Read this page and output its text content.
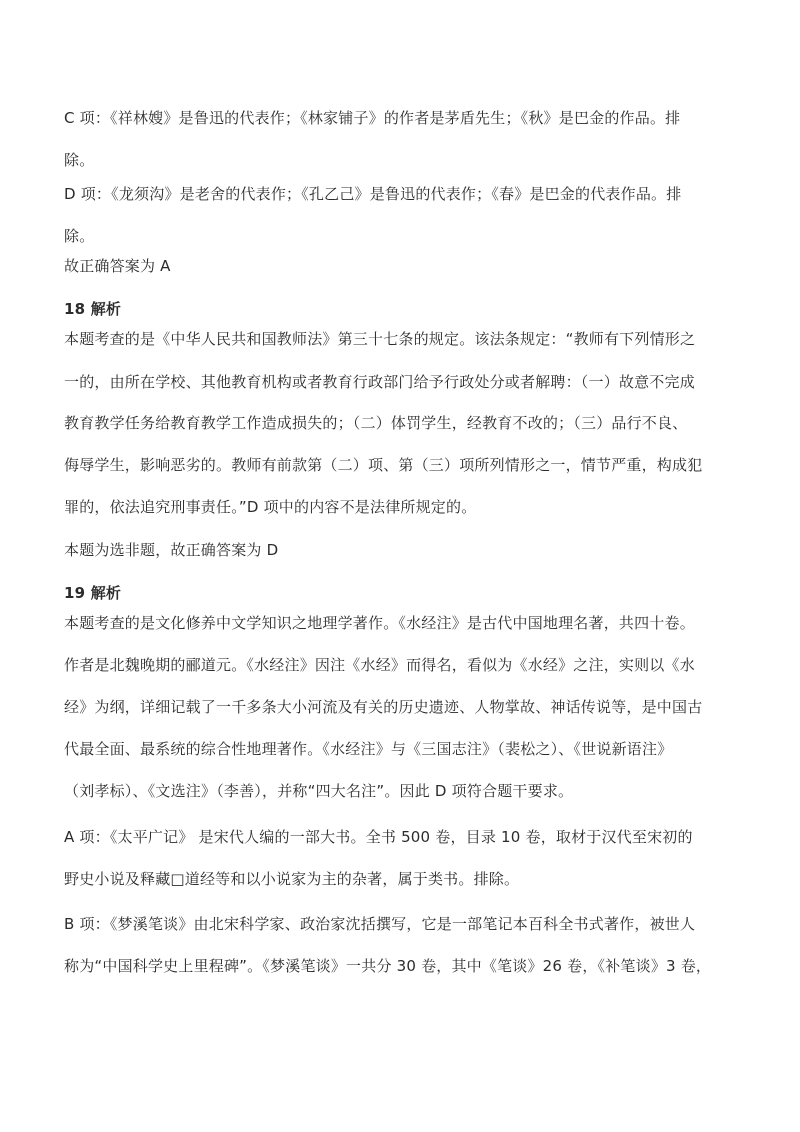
C 项：《祥林嫂》是鲁迅的代表作；《林家铺子》的作者是茅盾先生；《秋》是巴金的作品。排

除。

D 项：《龙须沟》是老舍的代表作；《孔乙己》是鲁迅的代表作；《春》是巴金的代表作品。排

除。

故正确答案为 A

18 解析

本题考查的是《中华人民共和国教师法》第三十七条的规定。该法条规定：“教师有下列情形之

一的，由所在学校、其他教育机构或者教育行政部门给予行政处分或者解聘：（一）故意不完成

教育教学任务给教育教学工作造成损失的；（二）体罚学生，经教育不改的；（三）品行不良、

侮辱学生，影响恶劣的。教师有前款第（二）项、第（三）项所列情形之一，情节严重，构成犯

罪的，依法追究刑事责任。”D 项中的内容不是法律所规定的。

本题为选非题，故正确答案为 D

19 解析

本题考查的是文化修养中文学知识之地理学著作。《水经注》是古代中国地理名著，共四十卷。

作者是北魏晚期的郦道元。《水经注》因注《水经》而得名，看似为《水经》之注，实则以《水

经》为纲，详细记载了一千多条大小河流及有关的历史遗迹、人物掌故、神话传说等，是中国古

代最全面、最系统的综合性地理著作。《水经注》与《三国志注》（裴松之）、《世说新语注》

（刘孝标）、《文选注》（李善），并称“四大名注”。因此 D 项符合题干要求。

A 项：《太平广记》 是宋代人编的一部大书。全书 500 卷，目录 10 卷，取材于汉代至宋初的

野史小说及释藏□道经等和以小说家为主的杂著，属于类书。排除。

B 项：《梦溪笔谈》由北宋科学家、政治家沈括撰写，它是一部笔记本百科全书式著作，被世人

称为“中国科学史上里程碑”。《梦溪笔谈》一共分 30 卷，其中《笔谈》26 卷，《补笔谈》3 卷，
